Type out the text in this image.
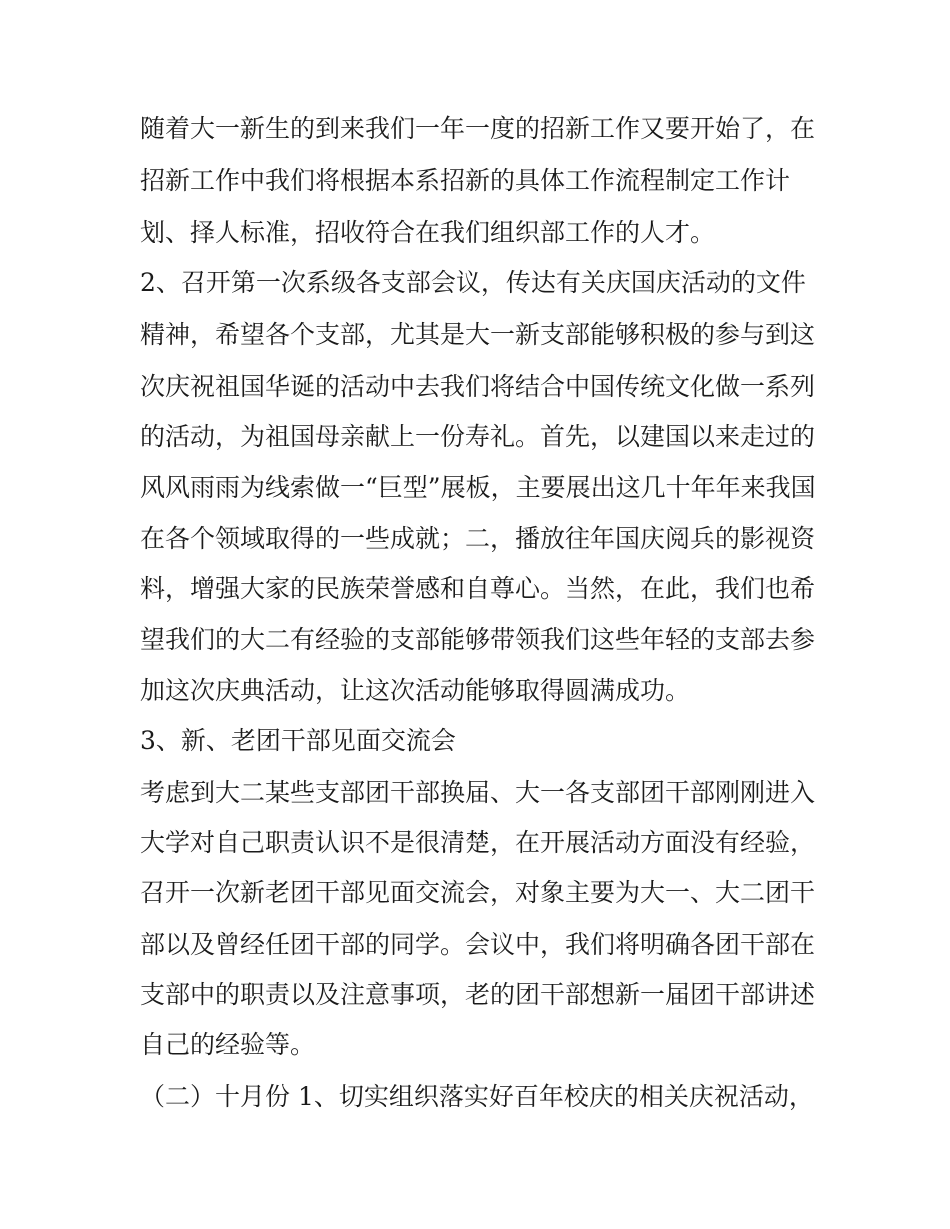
随着大一新生的到来我们一年一度的招新工作又要开始了，在
招新工作中我们将根据本系招新的具体工作流程制定工作计
划、择人标准，招收符合在我们组织部工作的人才。
2、召开第一次系级各支部会议，传达有关庆国庆活动的文件
精神，希望各个支部，尤其是大一新支部能够积极的参与到这
次庆祝祖国华诞的活动中去我们将结合中国传统文化做一系列
的活动，为祖国母亲献上一份寿礼。首先，以建国以来走过的
风风雨雨为线索做一“巨型”展板，主要展出这几十年年来我国
在各个领域取得的一些成就；二，播放往年国庆阅兵的影视资
料，增强大家的民族荣誉感和自尊心。当然，在此，我们也希
望我们的大二有经验的支部能够带领我们这些年轻的支部去参
加这次庆典活动，让这次活动能够取得圆满成功。
3、新、老团干部见面交流会
考虑到大二某些支部团干部换届、大一各支部团干部刚刚进入
大学对自己职责认识不是很清楚，在开展活动方面没有经验，
召开一次新老团干部见面交流会，对象主要为大一、大二团干
部以及曾经任团干部的同学。会议中，我们将明确各团干部在
支部中的职责以及注意事项，老的团干部想新一届团干部讲述
自己的经验等。
（二）十月份 1、切实组织落实好百年校庆的相关庆祝活动，
